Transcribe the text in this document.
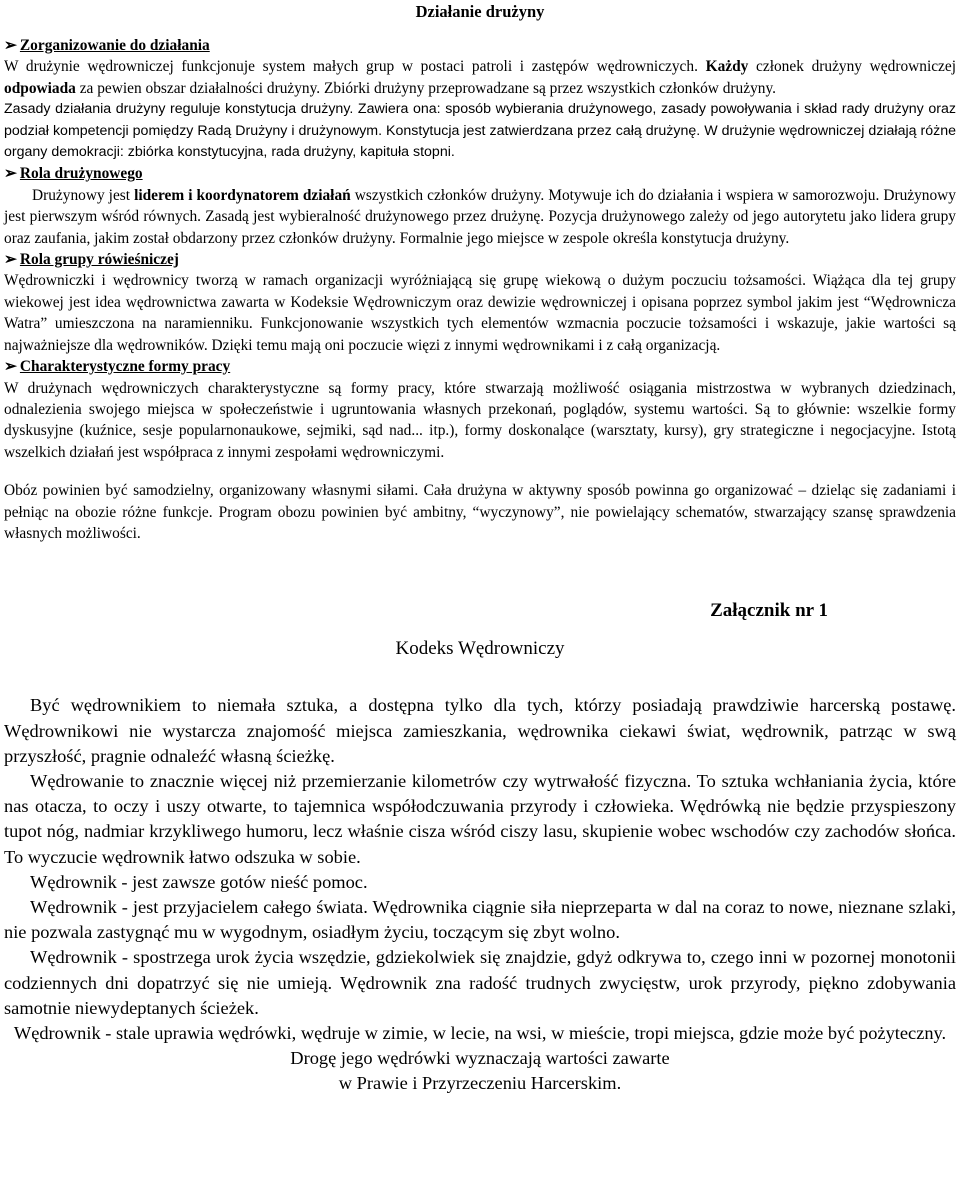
Działanie drużyny

➢ Zorganizowanie do działania

W drużynie wędrowniczej funkcjonuje system małych grup w postaci patroli i zastępów wędrowniczych. Każdy członek drużyny wędrowniczej odpowiada za pewien obszar działalności drużyny. Zbiórki drużyny przeprowadzane są przez wszystkich członków drużyny.

Zasady działania drużyny reguluje konstytucja drużyny. Zawiera ona: sposób wybierania drużynowego, zasady powoływania i skład rady drużyny oraz podział kompetencji pomiędzy Radą Drużyny i drużynowym. Konstytucja jest zatwierdzana przez całą drużynę. W drużynie wędrowniczej działają różne organy demokracji: zbiórka konstytucyjna, rada drużyny, kapituła stopni.

➢ Rola drużynowego

Drużynowy jest liderem i koordynatorem działań wszystkich członków drużyny. Motywuje ich do działania i wspiera w samorozwoju. Drużynowy jest pierwszym wśród równych. Zasadą jest wybieralność drużynowego przez drużynę. Pozycja drużynowego zależy od jego autorytetu jako lidera grupy oraz zaufania, jakim został obdarzony przez członków drużyny. Formalnie jego miejsce w zespole określa konstytucja drużyny.

➢ Rola grupy rówieśniczej

Wędrowniczki i wędrownicy tworzą w ramach organizacji wyróżniającą się grupę wiekową o dużym poczuciu tożsamości. Wiążąca dla tej grupy wiekowej jest idea wędrownictwa zawarta w Kodeksie Wędrowniczym oraz dewizie wędrowniczej i opisana poprzez symbol jakim jest “Wędrownicza Watra” umieszczona na naramienniku. Funkcjonowanie wszystkich tych elementów wzmacnia poczucie tożsamości i wskazuje, jakie wartości są najważniejsze dla wędrowników. Dzięki temu mają oni poczucie więzi z innymi wędrownikami i z całą organizacją.

➢ Charakterystyczne formy pracy

W drużynach wędrowniczych charakterystyczne są formy pracy, które stwarzają możliwość osiągania mistrzostwa w wybranych dziedzinach, odnalezienia swojego miejsca w społeczeństwie i ugruntowania własnych przekonań, poglądów, systemu wartości. Są to głównie: wszelkie formy dyskusyjne (kuźnice, sesje popularnonaukowe, sejmiki, sąd nad... itp.), formy doskonalące (warsztaty, kursy), gry strategiczne i negocjacyjne. Istotą wszelkich działań jest współpraca z innymi zespołami wędrowniczymi.

Obóz powinien być samodzielny, organizowany własnymi siłami. Cała drużyna w aktywny sposób powinna go organizować – dzieląc się zadaniami i pełniąc na obozie różne funkcje. Program obozu powinien być ambitny, “wyczynowy”, nie powielający schematów, stwarzający szansę sprawdzenia własnych możliwości.

Załącznik nr 1
Kodeks Wędrowniczy

Być wędrownikiem to niemała sztuka, a dostępna tylko dla tych, którzy posiadają prawdziwie harcerską postawę. Wędrownikowi nie wystarcza znajomość miejsca zamieszkania, wędrownika ciekawi świat, wędrownik, patrząc w swą przyszłość, pragnie odnaleźć własną ścieżkę.

Wędrowanie to znacznie więcej niż przemierzanie kilometrów czy wytrwałość fizyczna. To sztuka wchłaniania życia, które nas otacza, to oczy i uszy otwarte, to tajemnica współodczuwania przyrody i człowieka. Wędrówką nie będzie przyspieszony tupot nóg, nadmiar krzykliwego humoru, lecz właśnie cisza wśród ciszy lasu, skupienie wobec wschodów czy zachodów słońca. To wyczucie wędrownik łatwo odszuka w sobie.

Wędrownik - jest zawsze gotów nieść pomoc.

Wędrownik - jest przyjacielem całego świata. Wędrownika ciągnie siła nieprzeparta w dal na coraz to nowe, nieznane szlaki, nie pozwala zastygnąć mu w wygodnym, osiadłym życiu, toczącym się zbyt wolno.

Wędrownik - spostrzega urok życia wszędzie, gdziekolwiek się znajdzie, gdyż odkrywa to, czego inni w pozornej monotonii codziennych dni dopatrzyć się nie umieją. Wędrownik zna radość trudnych zwycięstw, urok przyrody, piękno zdobywania samotnie niewydeptanych ścieżek.

Wędrownik - stale uprawia wędrówki, wędruje w zimie, w lecie, na wsi, w mieście, tropi miejsca, gdzie może być pożyteczny. Drogę jego wędrówki wyznaczają wartości zawarte

w Prawie i Przyrzeczeniu Harcerskim.
